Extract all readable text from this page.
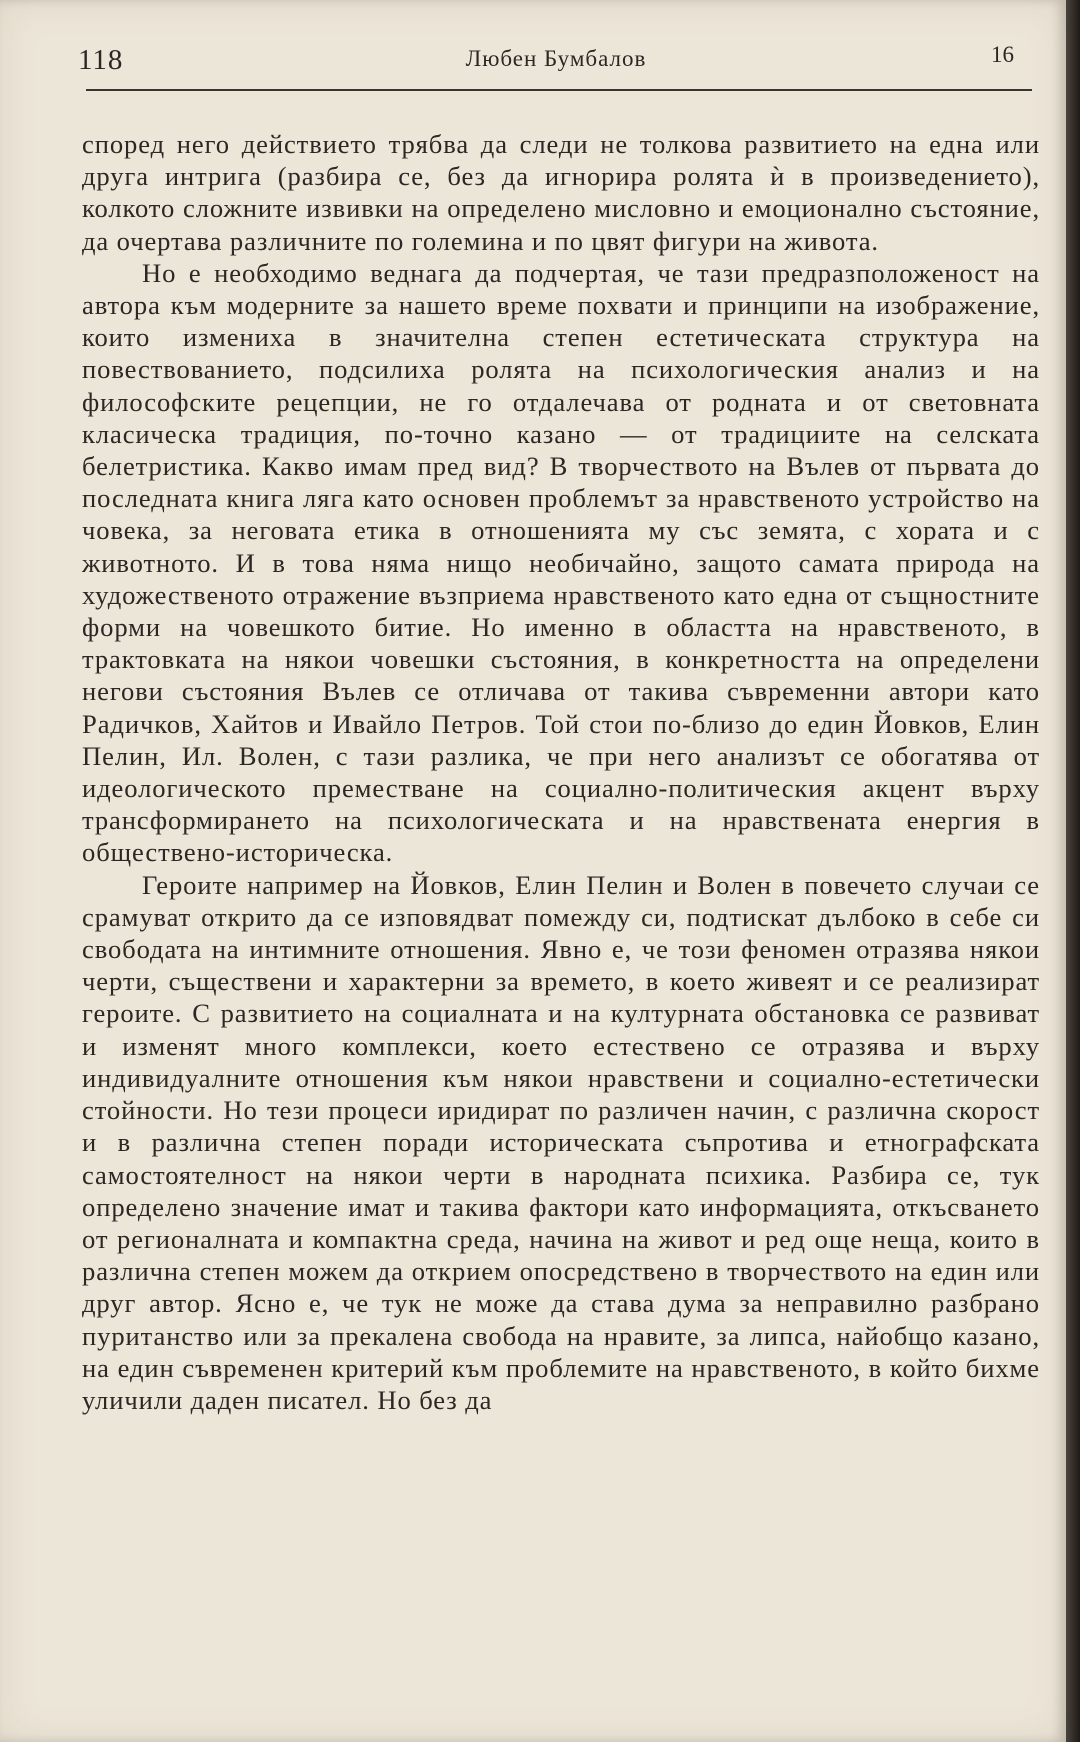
118	Любен Бумбалов	16

според него действието трябва да следи не толкова развитието на една или друга интрига (разбира се, без да игнорира ролята ѝ в произведението), колкото сложните извивки на определено мисловно и емоционално състояние, да очертава различните по големина и по цвят фигури на живота.

Но е необходимо веднага да подчертая, че тази предразположеност на автора към модерните за нашето време похвати и принципи на изображение, които измениха в значителна степен естетическата структура на повествованието, подсилиха ролята на психологическия анализ и на философските рецепции, не го отдалечава от родната и от световната класическа традиция, по-точно казано — от традициите на селската белетристика. Какво имам пред вид? В творчеството на Вълев от първата до последната книга ляга като основен проблемът за нравственото устройство на човека, за неговата етика в отношенията му със земята, с хората и с животното. И в това няма нищо необичайно, защото самата природа на художественото отражение възприема нравственото като една от същностните форми на човешкото битие. Но именно в областта на нравственото, в трактовката на някои човешки състояния, в конкретността на определени негови състояния Вълев се отличава от такива съвременни автори като Радичков, Хайтов и Ивайло Петров. Той стои по-близо до един Йовков, Елин Пелин, Ил. Волен, с тази разлика, че при него анализът се обогатява от идеологическото преместване на социално-политическия акцент върху трансформирането на психологическата и на нравствената енергия в обществено-историческа.

Героите например на Йовков, Елин Пелин и Волен в повечето случаи се срамуват открито да се изповядват помежду си, подтискат дълбоко в себе си свободата на интимните отношения. Явно е, че този феномен отразява някои черти, съществени и характерни за времето, в което живеят и се реализират героите. С развитието на социалната и на културната обстановка се развиват и изменят много комплекси, което естествено се отразява и върху индивидуалните отношения към някои нравствени и социално-естетически стойности. Но тези процеси иридират по различен начин, с различна скорост и в различна степен поради историческата съпротива и етнографската самостоятелност на някои черти в народната психика. Разбира се, тук определено значение имат и такива фактори като информацията, откъсването от регионалната и компактна среда, начина на живот и ред още неща, които в различна степен можем да открием опосредствено в творчеството на един или друг автор. Ясно е, че тук не може да става дума за неправилно разбрано пуританство или за прекалена свобода на нравите, за липса, найобщо казано, на един съвременен критерий към проблемите на нравственото, в който бихме уличили даден писател. Но без да
